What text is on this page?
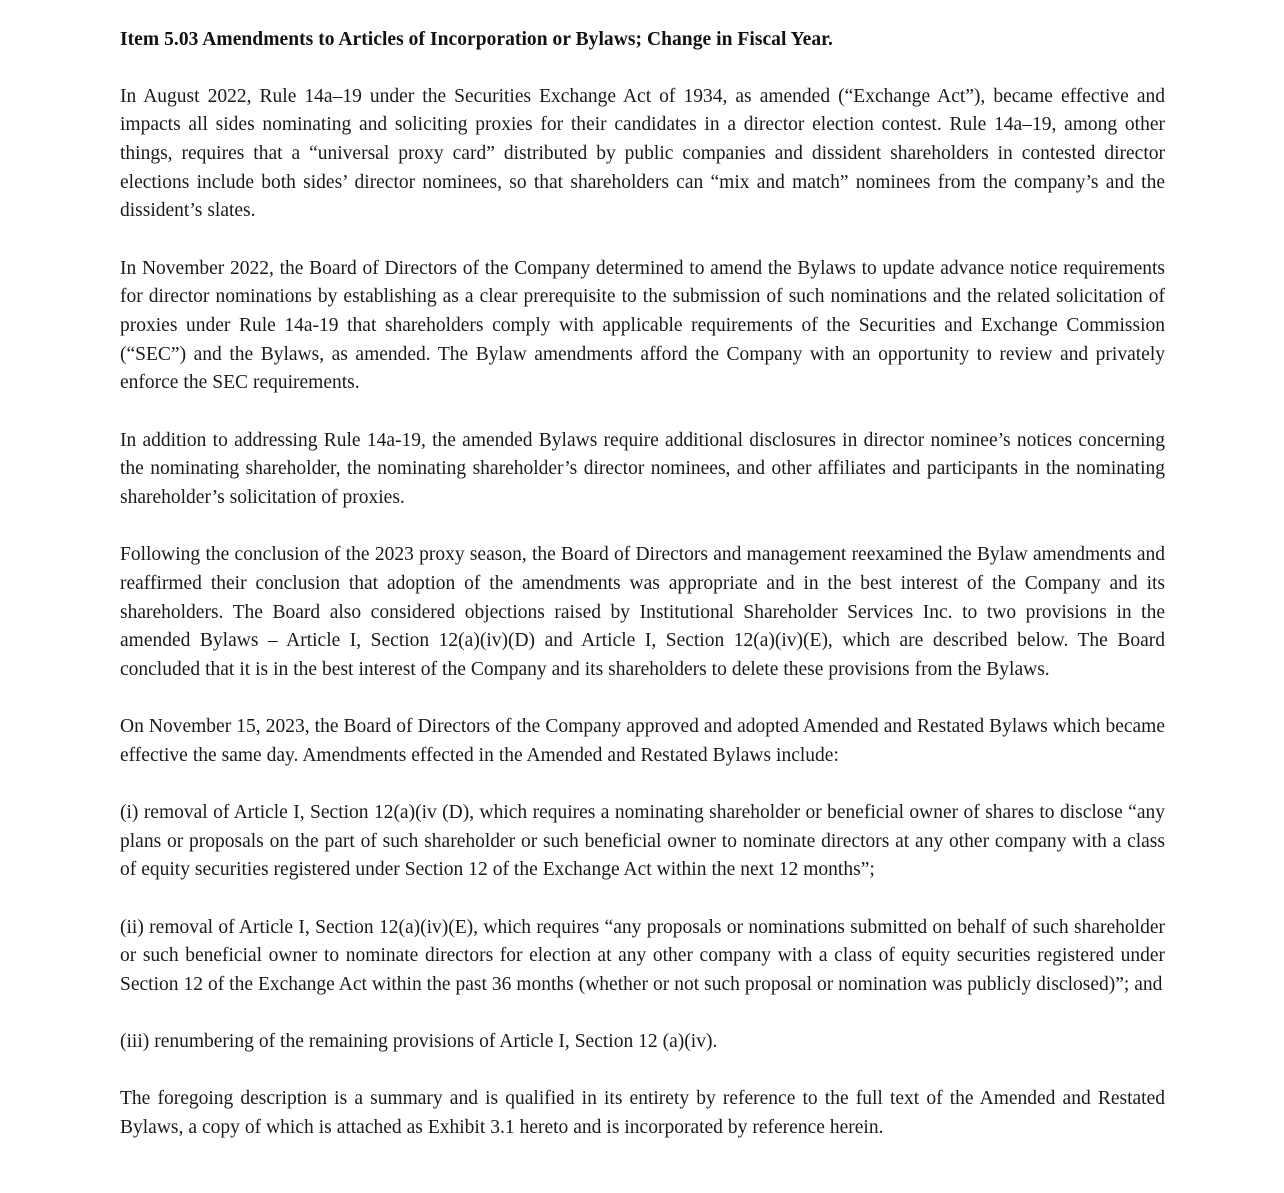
Item 5.03 Amendments to Articles of Incorporation or Bylaws; Change in Fiscal Year.

In August 2022, Rule 14a–19 under the Securities Exchange Act of 1934, as amended (“Exchange Act”), became effective and impacts all sides nominating and soliciting proxies for their candidates in a director election contest. Rule 14a–19, among other things, requires that a “universal proxy card” distributed by public companies and dissident shareholders in contested director elections include both sides’ director nominees, so that shareholders can “mix and match” nominees from the company’s and the dissident’s slates.

In November 2022, the Board of Directors of the Company determined to amend the Bylaws to update advance notice requirements for director nominations by establishing as a clear prerequisite to the submission of such nominations and the related solicitation of proxies under Rule 14a-19 that shareholders comply with applicable requirements of the Securities and Exchange Commission (“SEC”) and the Bylaws, as amended. The Bylaw amendments afford the Company with an opportunity to review and privately enforce the SEC requirements.

In addition to addressing Rule 14a-19, the amended Bylaws require additional disclosures in director nominee’s notices concerning the nominating shareholder, the nominating shareholder’s director nominees, and other affiliates and participants in the nominating shareholder’s solicitation of proxies.

Following the conclusion of the 2023 proxy season, the Board of Directors and management reexamined the Bylaw amendments and reaffirmed their conclusion that adoption of the amendments was appropriate and in the best interest of the Company and its shareholders. The Board also considered objections raised by Institutional Shareholder Services Inc. to two provisions in the amended Bylaws – Article I, Section 12(a)(iv)(D) and Article I, Section 12(a)(iv)(E), which are described below. The Board concluded that it is in the best interest of the Company and its shareholders to delete these provisions from the Bylaws.

On November 15, 2023, the Board of Directors of the Company approved and adopted Amended and Restated Bylaws which became effective the same day. Amendments effected in the Amended and Restated Bylaws include:

(i) removal of Article I, Section 12(a)(iv (D), which requires a nominating shareholder or beneficial owner of shares to disclose “any plans or proposals on the part of such shareholder or such beneficial owner to nominate directors at any other company with a class of equity securities registered under Section 12 of the Exchange Act within the next 12 months”;

(ii) removal of Article I, Section 12(a)(iv)(E), which requires “any proposals or nominations submitted on behalf of such shareholder or such beneficial owner to nominate directors for election at any other company with a class of equity securities registered under Section 12 of the Exchange Act within the past 36 months (whether or not such proposal or nomination was publicly disclosed)”; and

(iii) renumbering of the remaining provisions of Article I, Section 12 (a)(iv).

The foregoing description is a summary and is qualified in its entirety by reference to the full text of the Amended and Restated Bylaws, a copy of which is attached as Exhibit 3.1 hereto and is incorporated by reference herein.
